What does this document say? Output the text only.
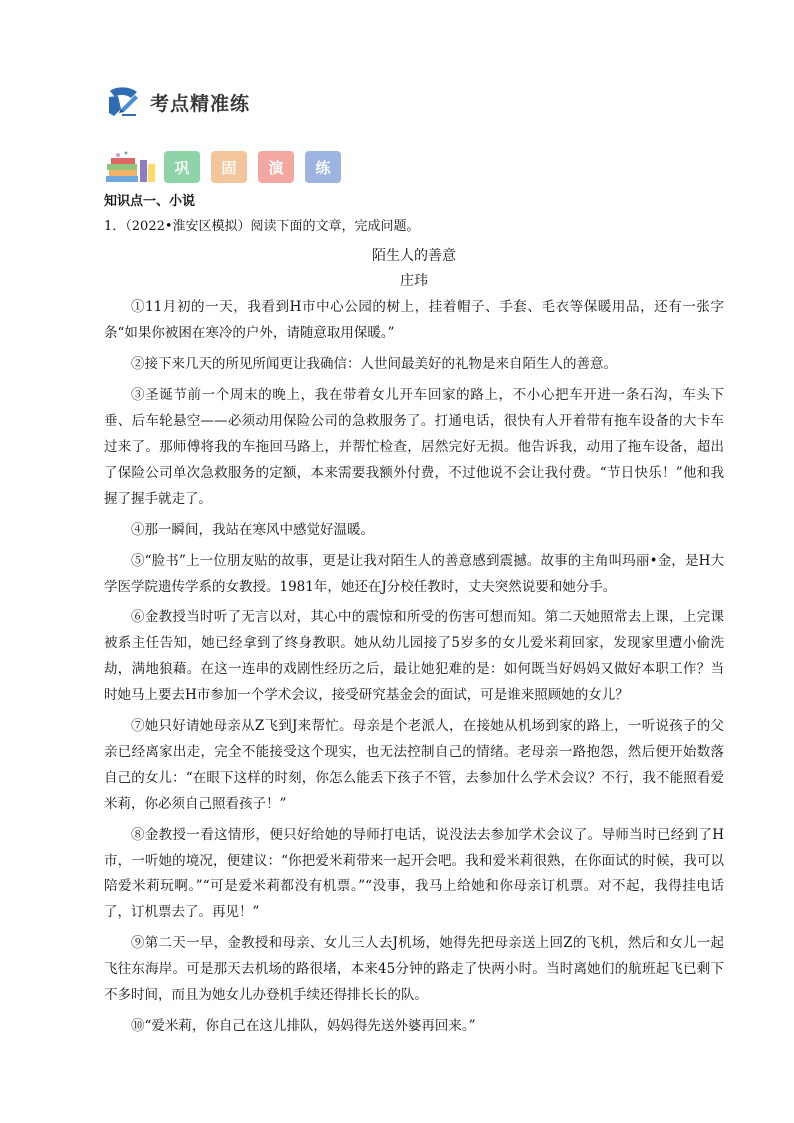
考点精准练
巩 固 演 练

知识点一、小说

1．（2022•淮安区模拟）阅读下面的文章，完成问题。

陌生人的善意

庄玮

①11月初的一天，我看到H市中心公园的树上，挂着帽子、手套、毛衣等保暖用品，还有一张字条“如果你被困在寒冷的户外，请随意取用保暖。”

②接下来几天的所见所闻更让我确信：人世间最美好的礼物是来自陌生人的善意。

③圣诞节前一个周末的晚上，我在带着女儿开车回家的路上，不小心把车开进一条石沟，车头下垂、后车轮悬空——必须动用保险公司的急救服务了。打通电话，很快有人开着带有拖车设备的大卡车过来了。那师傅将我的车拖回马路上，并帮忙检查，居然完好无损。他告诉我，动用了拖车设备，超出了保险公司单次急救服务的定额，本来需要我额外付费，不过他说不会让我付费。“节日快乐！”他和我握了握手就走了。

④那一瞬间，我站在寒风中感觉好温暖。

⑤“脸书”上一位朋友贴的故事，更是让我对陌生人的善意感到震撼。故事的主角叫玛丽•金，是H大学医学院遗传学系的女教授。1981年，她还在J分校任教时，丈夫突然说要和她分手。

⑥金教授当时听了无言以对，其心中的震惊和所受的伤害可想而知。第二天她照常去上课，上完课被系主任告知，她已经拿到了终身教职。她从幼儿园接了5岁多的女儿爱米莉回家，发现家里遭小偷洗劫，满地狼藉。在这一连串的戏剧性经历之后，最让她犯难的是：如何既当好妈妈又做好本职工作？当时她马上要去H市参加一个学术会议，接受研究基金会的面试，可是谁来照顾她的女儿？

⑦她只好请她母亲从Z飞到J来帮忙。母亲是个老派人，在接她从机场到家的路上，一听说孩子的父亲已经离家出走，完全不能接受这个现实，也无法控制自己的情绪。老母亲一路抱怨，然后便开始数落自己的女儿：“在眼下这样的时刻，你怎么能丢下孩子不管，去参加什么学术会议？不行，我不能照看爱米莉，你必须自己照看孩子！”

⑧金教授一看这情形，便只好给她的导师打电话，说没法去参加学术会议了。导师当时已经到了H市，一听她的境况，便建议：“你把爱米莉带来一起开会吧。我和爱米莉很熟，在你面试的时候，我可以陪爱米莉玩啊。”“可是爱米莉都没有机票。”“没事，我马上给她和你母亲订机票。对不起，我得挂电话了，订机票去了。再见！”

⑨第二天一早，金教授和母亲、女儿三人去J机场，她得先把母亲送上回Z的飞机，然后和女儿一起飞往东海岸。可是那天去机场的路很堵，本来45分钟的路走了快两小时。当时离她们的航班起飞已剩下不多时间，而且为她女儿办登机手续还得排长长的队。

⑩“爱米莉，你自己在这儿排队，妈妈得先送外婆再回来。”
